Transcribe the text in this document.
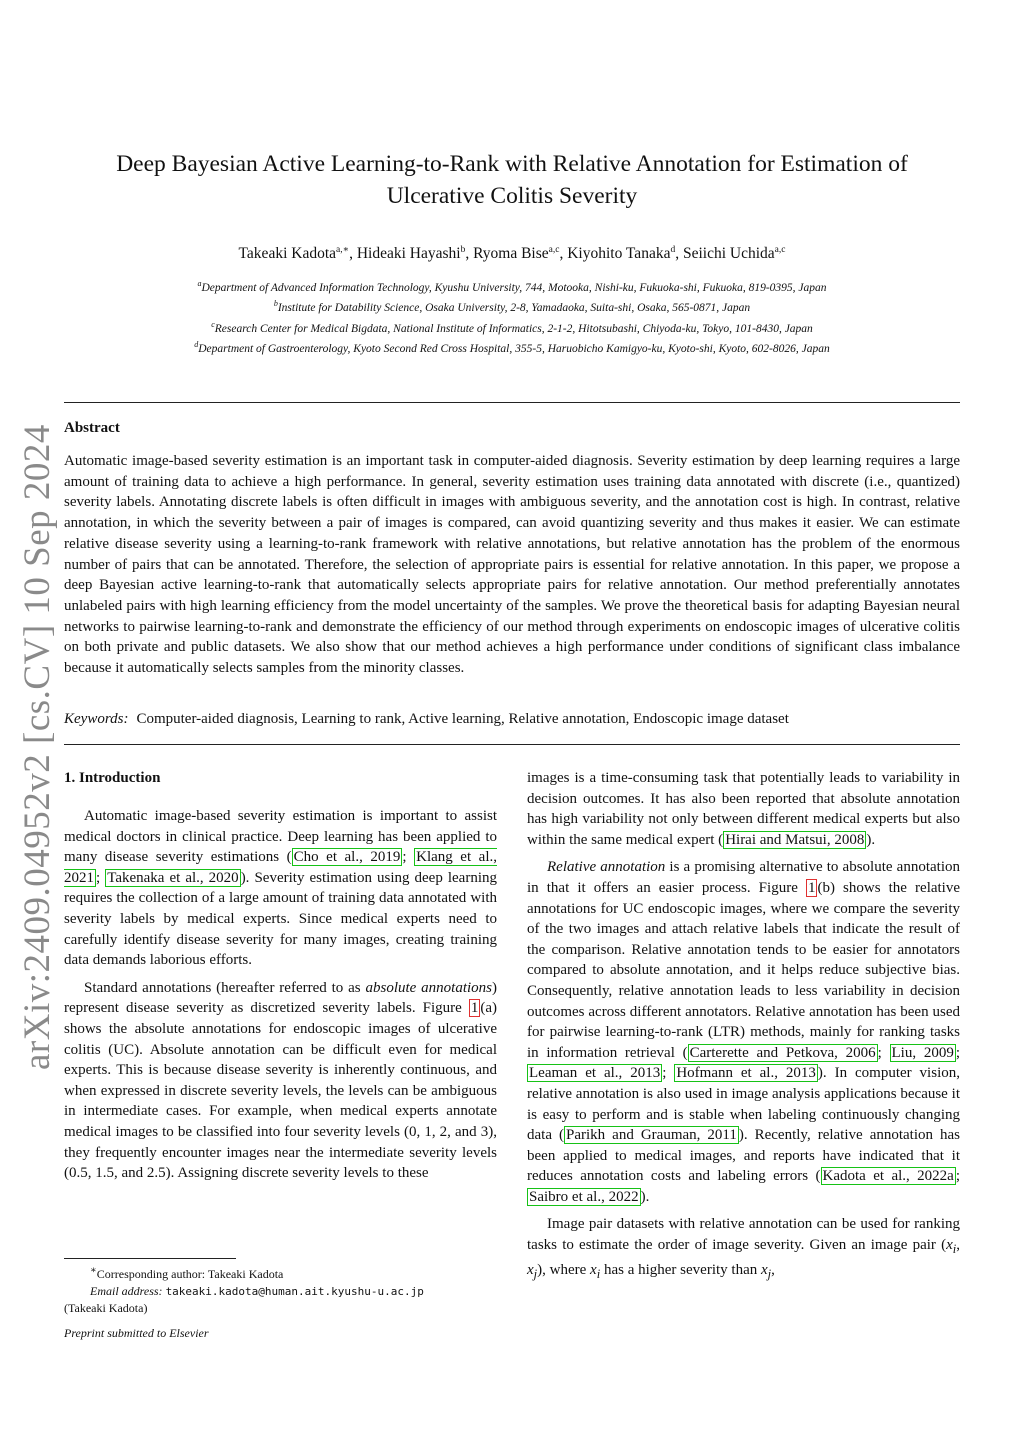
arXiv:2409.04952v2 [cs.CV] 10 Sep 2024
Deep Bayesian Active Learning-to-Rank with Relative Annotation for Estimation of
Ulcerative Colitis Severity
Takeaki Kadota$^{a,∗}$, Hideaki Hayashi$^b$, Ryoma Bise$^{a,c}$, Kiyohito Tanaka$^d$, Seiichi Uchida$^{a,c}$
$^a$Department of Advanced Information Technology, Kyushu University, 744, Motooka, Nishi-ku, Fukuoka-shi, Fukuoka, 819-0395, Japan
$^b$Institute for Datability Science, Osaka University, 2-8, Yamadaoka, Suita-shi, Osaka, 565-0871, Japan
$^c$Research Center for Medical Bigdata, National Institute of Informatics, 2-1-2, Hitotsubashi, Chiyoda-ku, Tokyo, 101-8430, Japan
$^d$Department of Gastroenterology, Kyoto Second Red Cross Hospital, 355-5, Haruobicho Kamigyo-ku, Kyoto-shi, Kyoto, 602-8026, Japan
Abstract
Automatic image-based severity estimation is an important task in computer-aided diagnosis. Severity estimation by deep learning requires a large amount of training data to achieve a high performance. In general, severity estimation uses training data annotated with discrete (i.e., quantized) severity labels. Annotating discrete labels is often difficult in images with ambiguous severity, and the annotation cost is high. In contrast, relative annotation, in which the severity between a pair of images is compared, can avoid quantizing severity and thus makes it easier. We can estimate relative disease severity using a learning-to-rank framework with relative annotations, but relative annotation has the problem of the enormous number of pairs that can be annotated. Therefore, the selection of appropriate pairs is essential for relative annotation. In this paper, we propose a deep Bayesian active learning-to-rank that automatically selects appropriate pairs for relative annotation. Our method preferentially annotates unlabeled pairs with high learning efficiency from the model uncertainty of the samples. We prove the theoretical basis for adapting Bayesian neural networks to pairwise learning-to-rank and demonstrate the efficiency of our method through experiments on endoscopic images of ulcerative colitis on both private and public datasets. We also show that our method achieves a high performance under conditions of significant class imbalance because it automatically selects samples from the minority classes.
Keywords: Computer-aided diagnosis, Learning to rank, Active learning, Relative annotation, Endoscopic image dataset
1. Introduction

Automatic image-based severity estimation is important to assist medical doctors in clinical practice. Deep learning has been applied to many disease severity estimations ( Cho et al., 2019 ; Klang et al., 2021 ; Takenaka et al., 2020 ). Severity estimation using deep learning requires the collection of a large amount of training data annotated with severity labels by medical experts. Since medical experts need to carefully identify disease severity for many images, creating training data demands laborious efforts.

Standard annotations (hereafter referred to as absolute annotations) represent disease severity as discretized severity labels. Figure 1 (a) shows the absolute annotations for endoscopic images of ulcerative colitis (UC). Absolute annotation can be difficult even for medical experts. This is because disease severity is inherently continuous, and when expressed in discrete severity levels, the levels can be ambiguous in intermediate cases. For example, when medical experts annotate medical images to be classified into four severity levels (0, 1, 2, and 3), they frequently encounter images near the intermediate severity levels (0.5, 1.5, and 2.5). Assigning discrete severity levels to these

images is a time-consuming task that potentially leads to variability in decision outcomes. It has also been reported that absolute annotation has high variability not only between different medical experts but also within the same medical expert ( Hirai and Matsui, 2008 ).

Relative annotation is a promising alternative to absolute annotation in that it offers an easier process. Figure 1 (b) shows the relative annotations for UC endoscopic images, where we compare the severity of the two images and attach relative labels that indicate the result of the comparison. Relative annotation tends to be easier for annotators compared to absolute annotation, and it helps reduce subjective bias. Consequently, relative annotation leads to less variability in decision outcomes across different annotators. Relative annotation has been used for pairwise learning-to-rank (LTR) methods, mainly for ranking tasks in information retrieval ( Carterette and Petkova, 2006 ; Liu, 2009 ; Leaman et al., 2013 ; Hofmann et al., 2013 ). In computer vision, relative annotation is also used in image analysis applications because it is easy to perform and is stable when labeling continuously changing data ( Parikh and Grauman, 2011 ). Recently, relative annotation has been applied to medical images, and reports have indicated that it reduces annotation costs and labeling errors ( Kadota et al., 2022a ; Saibro et al., 2022 ).

Image pair datasets with relative annotation can be used for ranking tasks to estimate the order of image severity. Given an image pair ($x_i$, $x_j$), where $x_i$ has a higher severity than $x_j$,

∗Corresponding author: Takeaki Kadota
Email address: takeaki.kadota@human.ait.kyushu-u.ac.jp
(Takeaki Kadota)
Preprint submitted to Elsevier
